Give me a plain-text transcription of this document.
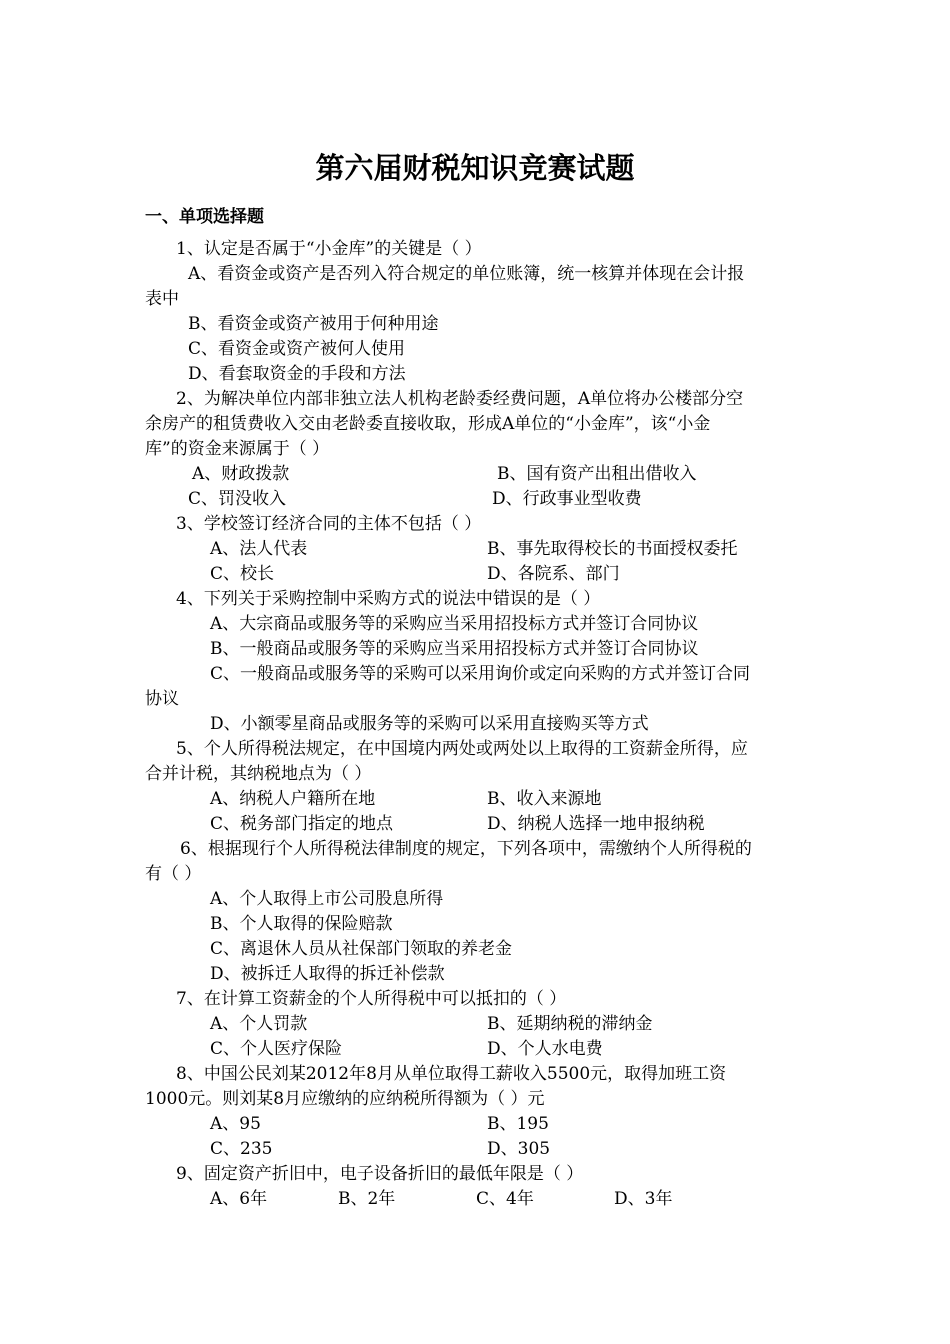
第六届财税知识竞赛试题
一、单项选择题
1、认定是否属于“小金库”的关键是（ ）
A、看资金或资产是否列入符合规定的单位账簿，统一核算并体现在会计报
表中
B、看资金或资产被用于何种用途
C、看资金或资产被何人使用
D、看套取资金的手段和方法
2、为解决单位内部非独立法人机构老龄委经费问题，A单位将办公楼部分空
余房产的租赁费收入交由老龄委直接收取，形成A单位的“小金库”，该“小金
库”的资金来源属于（ ）
A、财政拨款	B、国有资产出租出借收入
C、罚没收入	D、行政事业型收费
3、学校签订经济合同的主体不包括（ ）
A、法人代表	B、事先取得校长的书面授权委托
C、校长	D、各院系、部门
4、下列关于采购控制中采购方式的说法中错误的是（ ）
A、大宗商品或服务等的采购应当采用招投标方式并签订合同协议
B、一般商品或服务等的采购应当采用招投标方式并签订合同协议
C、一般商品或服务等的采购可以采用询价或定向采购的方式并签订合同
协议
D、小额零星商品或服务等的采购可以采用直接购买等方式
5、个人所得税法规定，在中国境内两处或两处以上取得的工资薪金所得，应
合并计税，其纳税地点为（ ）
A、纳税人户籍所在地	B、收入来源地
C、税务部门指定的地点	D、纳税人选择一地申报纳税
6、根据现行个人所得税法律制度的规定，下列各项中，需缴纳个人所得税的
有（ ）
A、个人取得上市公司股息所得
B、个人取得的保险赔款
C、离退休人员从社保部门领取的养老金
D、被拆迁人取得的拆迁补偿款
7、在计算工资薪金的个人所得税中可以抵扣的（ ）
A、个人罚款	B、延期纳税的滞纳金
C、个人医疗保险	D、个人水电费
8、中国公民刘某2012年8月从单位取得工薪收入5500元，取得加班工资
1000元。则刘某8月应缴纳的应纳税所得额为（ ）元
A、95	B、195
C、235	D、305
9、固定资产折旧中，电子设备折旧的最低年限是（ ）
A、6年	B、2年	C、4年	D、3年
